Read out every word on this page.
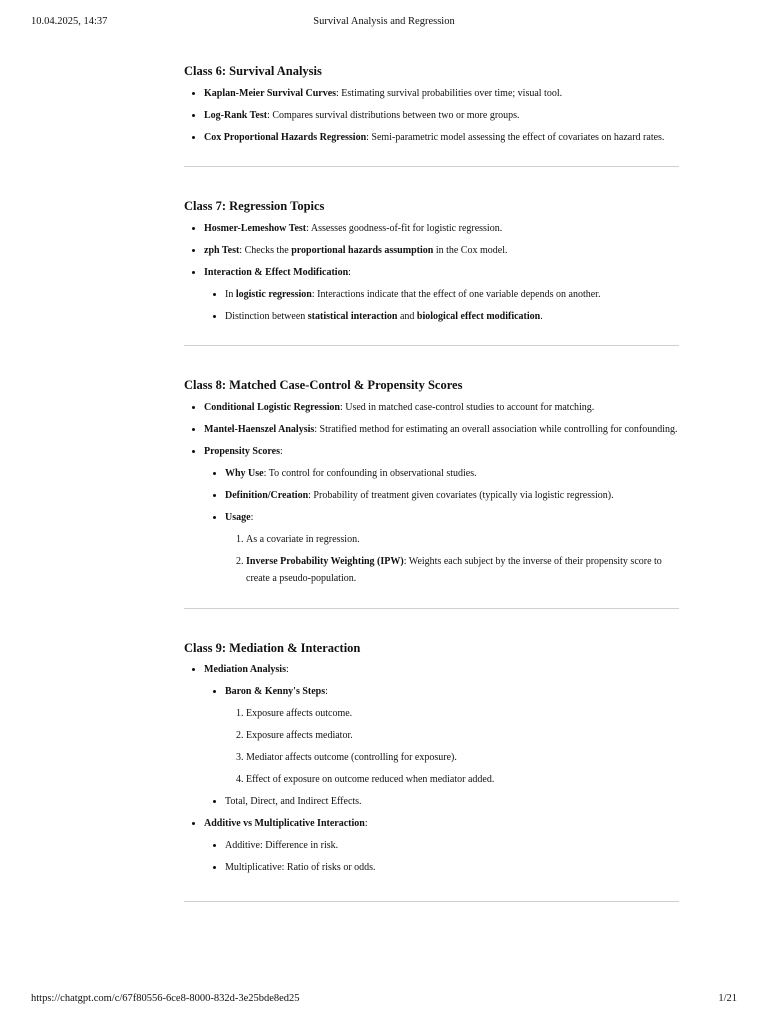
10.04.2025, 14:37	Survival Analysis and Regression
Class 6: Survival Analysis
• Kaplan-Meier Survival Curves: Estimating survival probabilities over time; visual tool.
• Log-Rank Test: Compares survival distributions between two or more groups.
• Cox Proportional Hazards Regression: Semi-parametric model assessing the effect of covariates on hazard rates.
Class 7: Regression Topics
• Hosmer-Lemeshow Test: Assesses goodness-of-fit for logistic regression.
• zph Test: Checks the proportional hazards assumption in the Cox model.
• Interaction & Effect Modification:
• In logistic regression: Interactions indicate that the effect of one variable depends on another.
• Distinction between statistical interaction and biological effect modification.
Class 8: Matched Case-Control & Propensity Scores
• Conditional Logistic Regression: Used in matched case-control studies to account for matching.
• Mantel-Haenszel Analysis: Stratified method for estimating an overall association while controlling for confounding.
• Propensity Scores:
• Why Use: To control for confounding in observational studies.
• Definition/Creation: Probability of treatment given covariates (typically via logistic regression).
• Usage:
1. As a covariate in regression.
2. Inverse Probability Weighting (IPW): Weights each subject by the inverse of their propensity score to create a pseudo-population.
Class 9: Mediation & Interaction
• Mediation Analysis:
• Baron & Kenny's Steps:
1. Exposure affects outcome.
2. Exposure affects mediator.
3. Mediator affects outcome (controlling for exposure).
4. Effect of exposure on outcome reduced when mediator added.
• Total, Direct, and Indirect Effects.
• Additive vs Multiplicative Interaction:
• Additive: Difference in risk.
• Multiplicative: Ratio of risks or odds.
https://chatgpt.com/c/67f80556-6ce8-8000-832d-3e25bde8ed25	1/21
